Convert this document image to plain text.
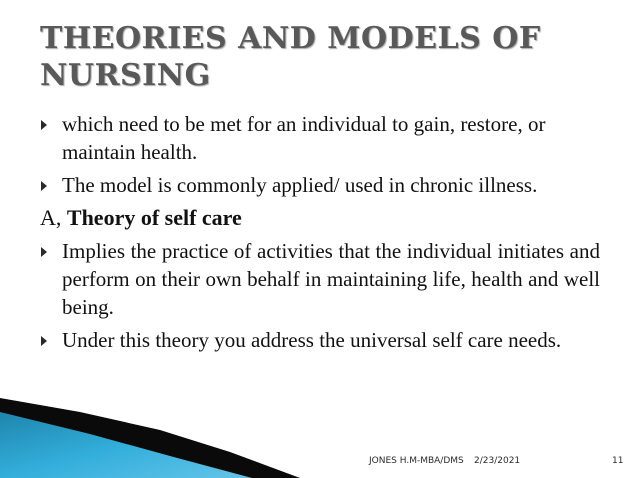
THEORIES AND MODELS OF NURSING
which need to be met for an individual to gain, restore, or maintain health.
The model is commonly applied/ used in chronic illness.
A, Theory of self care
Implies the practice of activities that the individual initiates and perform on their own behalf in maintaining life, health and well being.
Under this theory you address the universal self care needs.
JONES H.M-MBA/DMS 2/23/2021	11
